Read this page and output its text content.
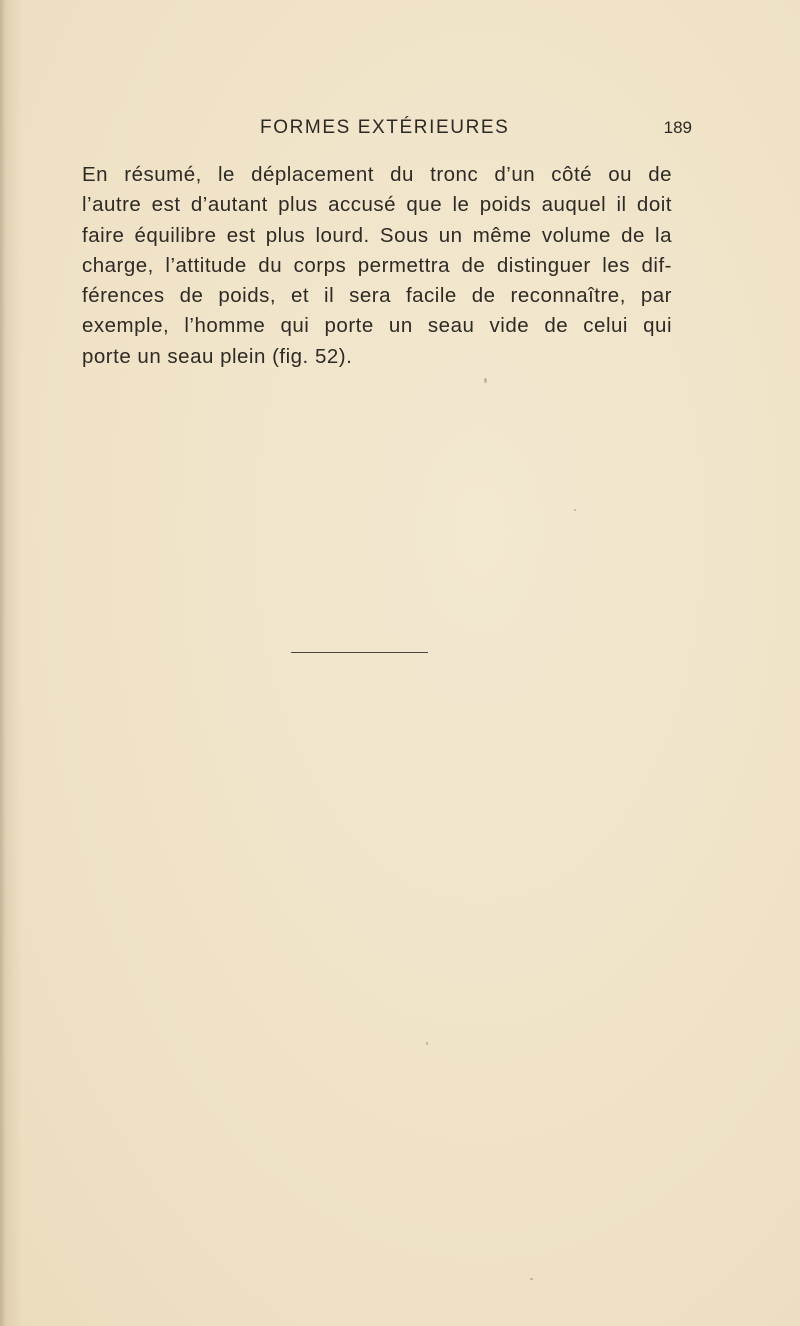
FORMES EXTÉRIEURES	189

En résumé, le déplacement du tronc d’un côté ou de
l’autre est d’autant plus accusé que le poids auquel il doit
faire équilibre est plus lourd. Sous un même volume de la
charge, l’attitude du corps permettra de distinguer les dif-
férences de poids, et il sera facile de reconnaître, par
exemple, l’homme qui porte un seau vide de celui qui
porte un seau plein (fig. 52).
